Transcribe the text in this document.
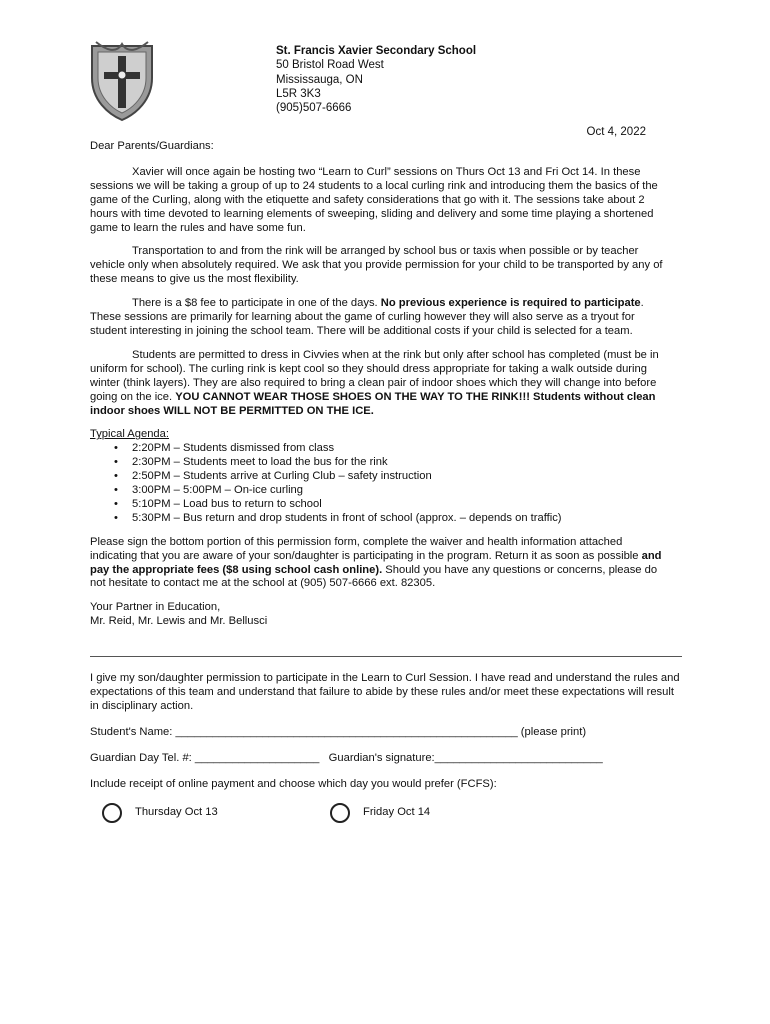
St. Francis Xavier Secondary School
50 Bristol Road West
Mississauga, ON
L5R 3K3
(905)507-6666
Oct 4, 2022

Dear Parents/Guardians:

Xavier will once again be hosting two “Learn to Curl” sessions on Thurs Oct 13 and Fri Oct 14. In these sessions we will be taking a group of up to 24 students to a local curling rink and introducing them the basics of the game of the Curling, along with the etiquette and safety considerations that go with it. The sessions take about 2 hours with time devoted to learning elements of sweeping, sliding and delivery and some time playing a shortened game to learn the rules and have some fun.

Transportation to and from the rink will be arranged by school bus or taxis when possible or by teacher vehicle only when absolutely required. We ask that you provide permission for your child to be transported by any of these means to give us the most flexibility.

There is a $8 fee to participate in one of the days. No previous experience is required to participate. These sessions are primarily for learning about the game of curling however they will also serve as a tryout for student interesting in joining the school team. There will be additional costs if your child is selected for a team.

Students are permitted to dress in Civvies when at the rink but only after school has completed (must be in uniform for school). The curling rink is kept cool so they should dress appropriate for taking a walk outside during winter (think layers). They are also required to bring a clean pair of indoor shoes which they will change into before going on the ice. YOU CANNOT WEAR THOSE SHOES ON THE WAY TO THE RINK!!! Students without clean indoor shoes WILL NOT BE PERMITTED ON THE ICE.

Typical Agenda:
• 2:20PM – Students dismissed from class
• 2:30PM – Students meet to load the bus for the rink
• 2:50PM – Students arrive at Curling Club – safety instruction
• 3:00PM – 5:00PM – On-ice curling
• 5:10PM – Load bus to return to school
• 5:30PM – Bus return and drop students in front of school (approx. – depends on traffic)

Please sign the bottom portion of this permission form, complete the waiver and health information attached indicating that you are aware of your son/daughter is participating in the program. Return it as soon as possible and pay the appropriate fees ($8 using school cash online). Should you have any questions or concerns, please do not hesitate to contact me at the school at (905) 507-6666 ext. 82305.

Your Partner in Education,

Mr. Reid, Mr. Lewis and Mr. Bellusci

I give my son/daughter permission to participate in the Learn to Curl Session. I have read and understand the rules and expectations of this team and understand that failure to abide by these rules and/or meet these expectations will result in disciplinary action.

Student's Name: _______________________________________________________ (please print)
Guardian Day Tel. #: ____________________   Guardian's signature:___________________________

Include receipt of online payment and choose which day you would prefer (FCFS):

Thursday Oct 13	Friday Oct 14
